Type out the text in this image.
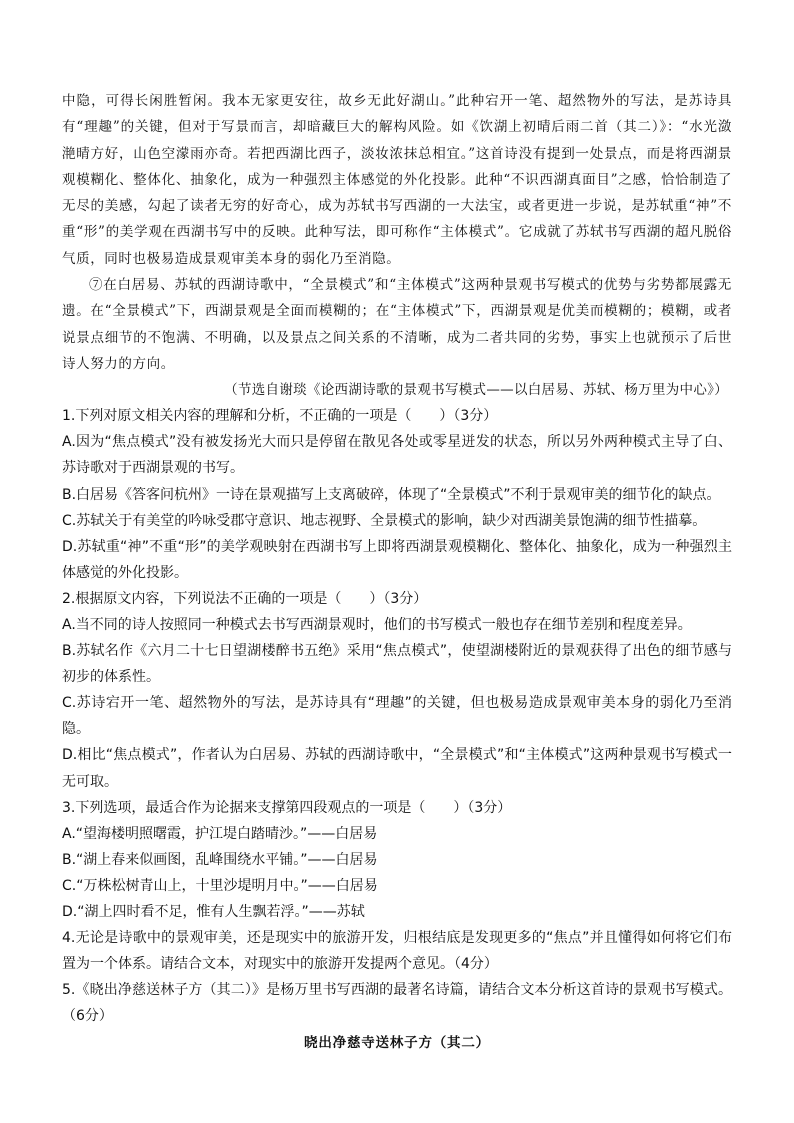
中隐，可得长闲胜暂闲。我本无家更安往，故乡无此好湖山。”此种宕开一笔、超然物外的写法，是苏诗具有“理趣”的关键，但对于写景而言，却暗藏巨大的解构风险。如《饮湖上初晴后雨二首（其二）》：“水光潋滟晴方好，山色空濛雨亦奇。若把西湖比西子，淡妆浓抹总相宜。”这首诗没有提到一处景点，而是将西湖景观模糊化、整体化、抽象化，成为一种强烈主体感觉的外化投影。此种“不识西湖真面目”之感，恰恰制造了无尽的美感，勾起了读者无穷的好奇心，成为苏轼书写西湖的一大法宝，或者更进一步说，是苏轼重“神”不重“形”的美学观在西湖书写中的反映。此种写法，即可称作“主体模式”。它成就了苏轼书写西湖的超凡脱俗气质，同时也极易造成景观审美本身的弱化乃至消隐。

⑦在白居易、苏轼的西湖诗歌中，“全景模式”和“主体模式”这两种景观书写模式的优势与劣势都展露无遗。在“全景模式”下，西湖景观是全面而模糊的；在“主体模式”下，西湖景观是优美而模糊的；模糊，或者说景点细节的不饱满、不明确，以及景点之间关系的不清晰，成为二者共同的劣势，事实上也就预示了后世诗人努力的方向。

（节选自谢琰《论西湖诗歌的景观书写模式——以白居易、苏轼、杨万里为中心》）

1.下列对原文相关内容的理解和分析，不正确的一项是（　　）（3分）

A.因为“焦点模式”没有被发扬光大而只是停留在散见各处或零星迸发的状态，所以另外两种模式主导了白、苏诗歌对于西湖景观的书写。

B.白居易《答客问杭州》一诗在景观描写上支离破碎，体现了“全景模式”不利于景观审美的细节化的缺点。

C.苏轼关于有美堂的吟咏受郡守意识、地志视野、全景模式的影响，缺少对西湖美景饱满的细节性描摹。

D.苏轼重“神”不重“形”的美学观映射在西湖书写上即将西湖景观模糊化、整体化、抽象化，成为一种强烈主体感觉的外化投影。

2.根据原文内容，下列说法不正确的一项是（　　）（3分）

A.当不同的诗人按照同一种模式去书写西湖景观时，他们的书写模式一般也存在细节差别和程度差异。

B.苏轼名作《六月二十七日望湖楼醉书五绝》采用“焦点模式”，使望湖楼附近的景观获得了出色的细节感与初步的体系性。

C.苏诗宕开一笔、超然物外的写法，是苏诗具有“理趣”的关键，但也极易造成景观审美本身的弱化乃至消隐。

D.相比“焦点模式”，作者认为白居易、苏轼的西湖诗歌中，“全景模式”和“主体模式”这两种景观书写模式一无可取。

3.下列选项，最适合作为论据来支撑第四段观点的一项是（　　）（3分）

A.“望海楼明照曙霞，护江堤白踏晴沙。”——白居易

B.“湖上春来似画图，乱峰围绕水平铺。”——白居易

C.“万株松树青山上，十里沙堤明月中。”——白居易

D.“湖上四时看不足，惟有人生飘若浮。”——苏轼

4.无论是诗歌中的景观审美，还是现实中的旅游开发，归根结底是发现更多的“焦点”并且懂得如何将它们布置为一个体系。请结合文本，对现实中的旅游开发提两个意见。（4分）

5.《晓出净慈送林子方（其二）》是杨万里书写西湖的最著名诗篇，请结合文本分析这首诗的景观书写模式。（6分）

晓出净慈寺送林子方（其二）
